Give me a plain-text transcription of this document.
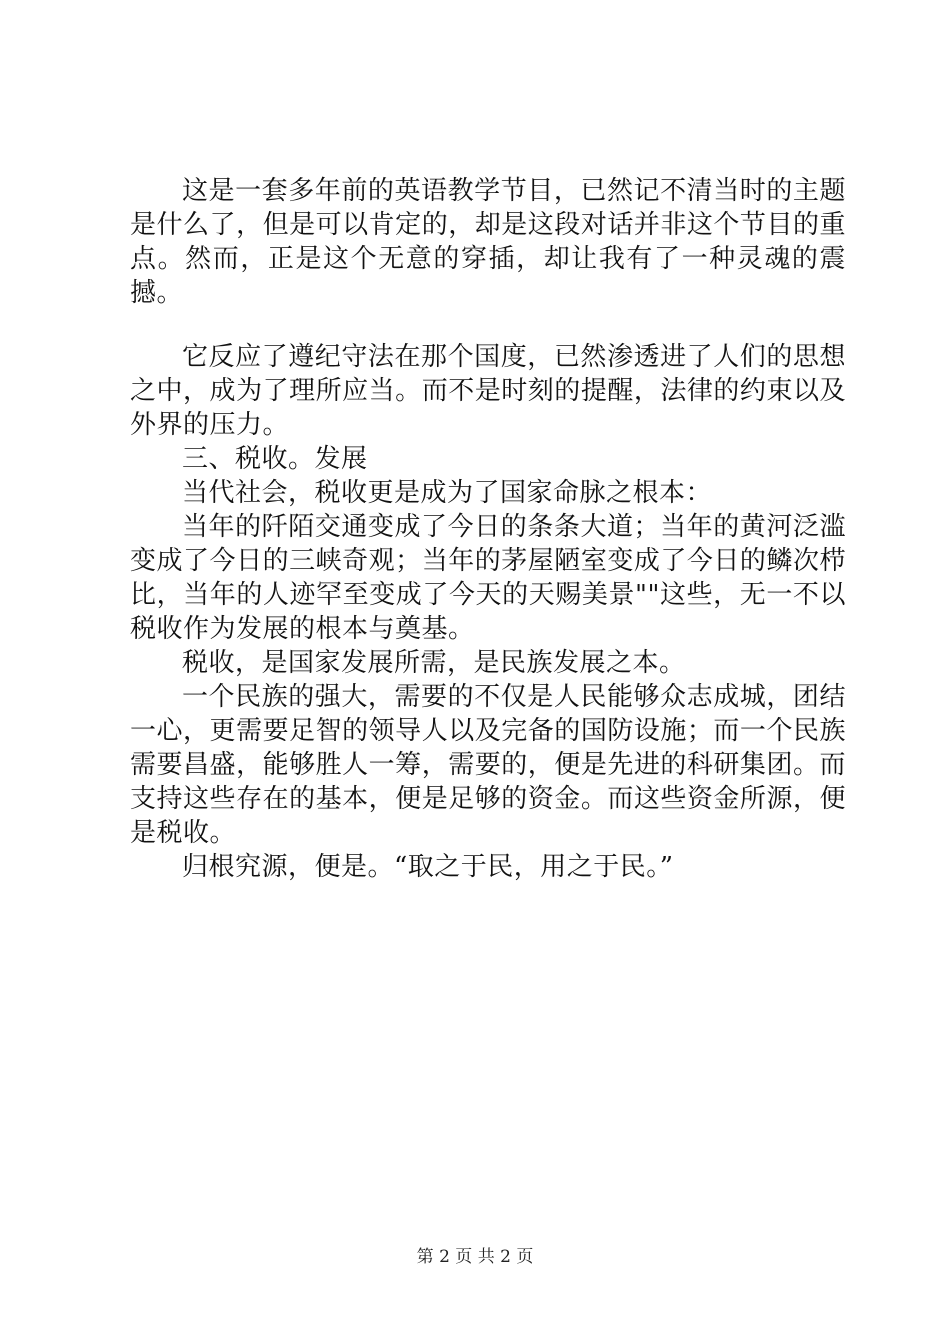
这是一套多年前的英语教学节目，已然记不清当时的主题是什么了，但是可以肯定的，却是这段对话并非这个节目的重点。然而，正是这个无意的穿插，却让我有了一种灵魂的震撼。

它反应了遵纪守法在那个国度，已然渗透进了人们的思想之中，成为了理所应当。而不是时刻的提醒，法律的约束以及外界的压力。

三、税收。发展

当代社会，税收更是成为了国家命脉之根本：

当年的阡陌交通变成了今日的条条大道；当年的黄河泛滥变成了今日的三峡奇观；当年的茅屋陋室变成了今日的鳞次栉比，当年的人迹罕至变成了今天的天赐美景""这些，无一不以税收作为发展的根本与奠基。

税收，是国家发展所需，是民族发展之本。

一个民族的强大，需要的不仅是人民能够众志成城，团结一心，更需要足智的领导人以及完备的国防设施；而一个民族需要昌盛，能够胜人一筹，需要的，便是先进的科研集团。而支持这些存在的基本，便是足够的资金。而这些资金所源，便是税收。

归根究源，便是。“取之于民，用之于民。”

第 2 页 共 2 页
